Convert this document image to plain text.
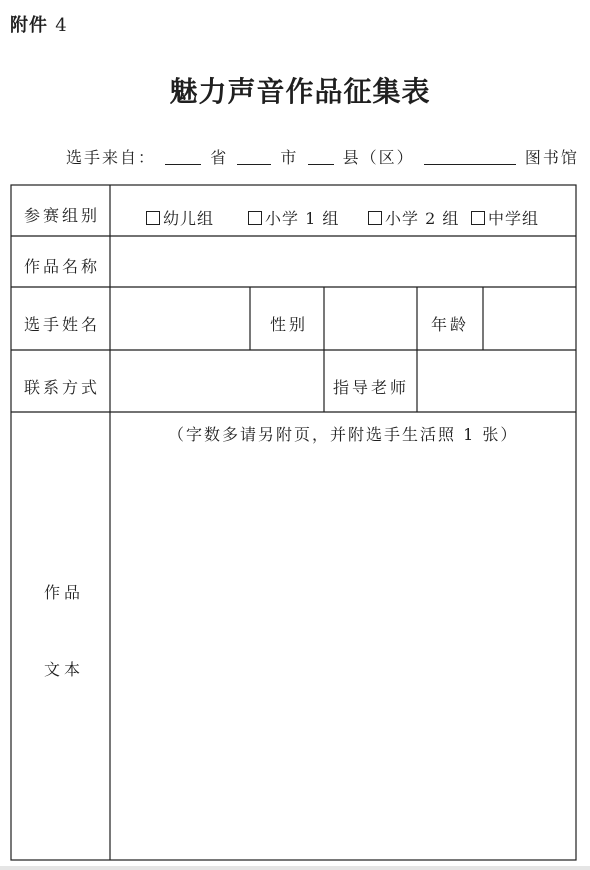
附件 4
魅力声音作品征集表
选手来自：	省	市	县（区）	图书馆
参赛组别	幼儿组	小学 1 组	小学 2 组	中学组
作品名称
选手姓名	性别	年龄
联系方式	指导老师
作品
文本
（字数多请另附页，并附选手生活照 1 张）
